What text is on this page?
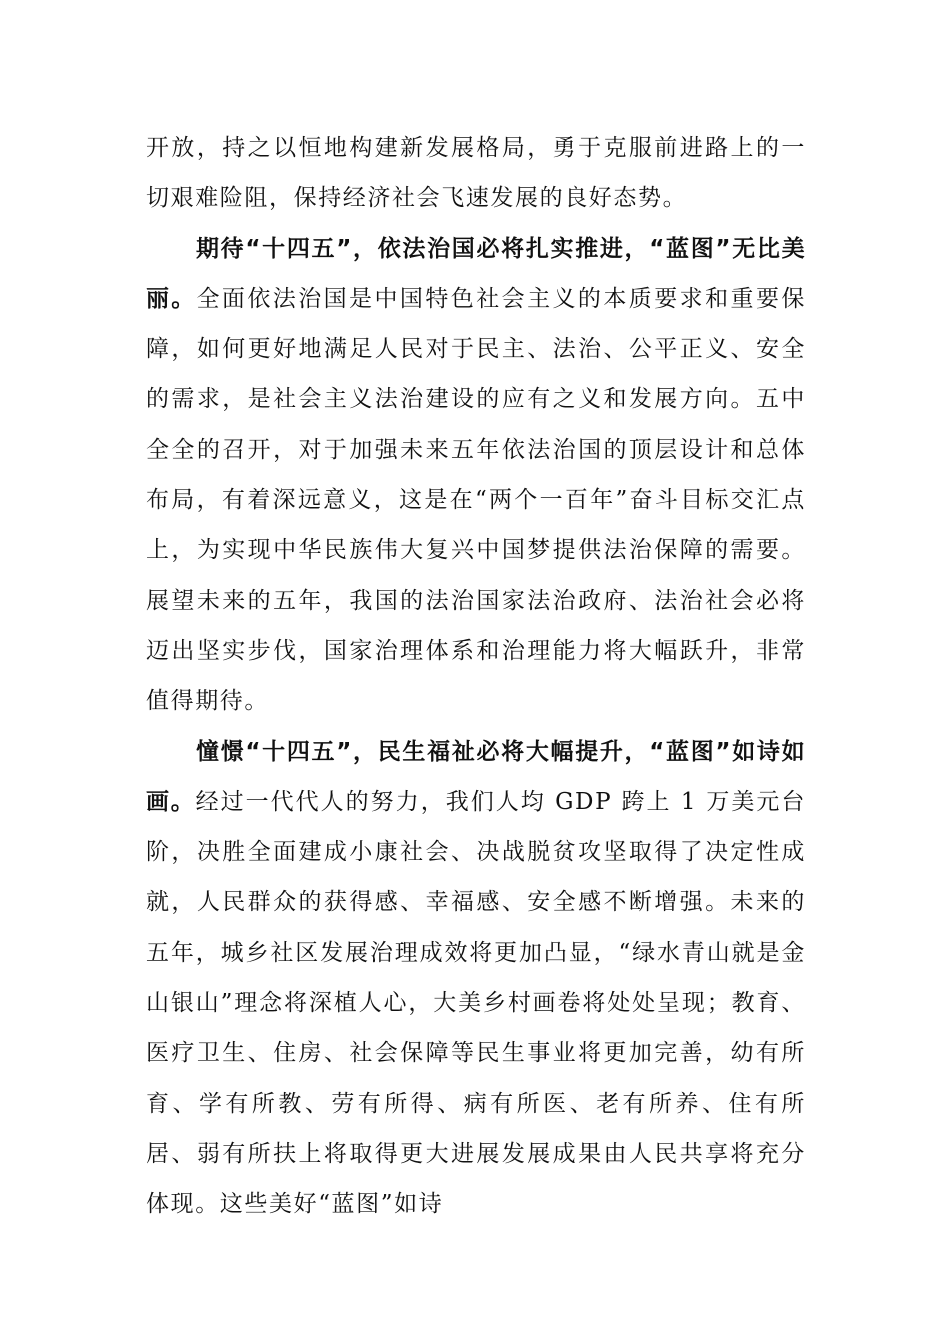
开放，持之以恒地构建新发展格局，勇于克服前进路上的一切艰难险阻，保持经济社会飞速发展的良好态势。

期待“十四五”，依法治国必将扎实推进，“蓝图”无比美丽。全面依法治国是中国特色社会主义的本质要求和重要保障，如何更好地满足人民对于民主、法治、公平正义、安全的需求，是社会主义法治建设的应有之义和发展方向。五中全全的召开，对于加强未来五年依法治国的顶层设计和总体布局，有着深远意义，这是在“两个一百年”奋斗目标交汇点上，为实现中华民族伟大复兴中国梦提供法治保障的需要。展望未来的五年，我国的法治国家法治政府、法治社会必将迈出坚实步伐，国家治理体系和治理能力将大幅跃升，非常值得期待。

憧憬“十四五”，民生福祉必将大幅提升，“蓝图”如诗如画。经过一代代人的努力，我们人均 GDP 跨上 1 万美元台阶，决胜全面建成小康社会、决战脱贫攻坚取得了决定性成就，人民群众的获得感、幸福感、安全感不断增强。未来的五年，城乡社区发展治理成效将更加凸显，“绿水青山就是金山银山”理念将深植人心，大美乡村画卷将处处呈现；教育、医疗卫生、住房、社会保障等民生事业将更加完善，幼有所育、学有所教、劳有所得、病有所医、老有所养、住有所居、弱有所扶上将取得更大进展发展成果由人民共享将充分体现。这些美好“蓝图”如诗
